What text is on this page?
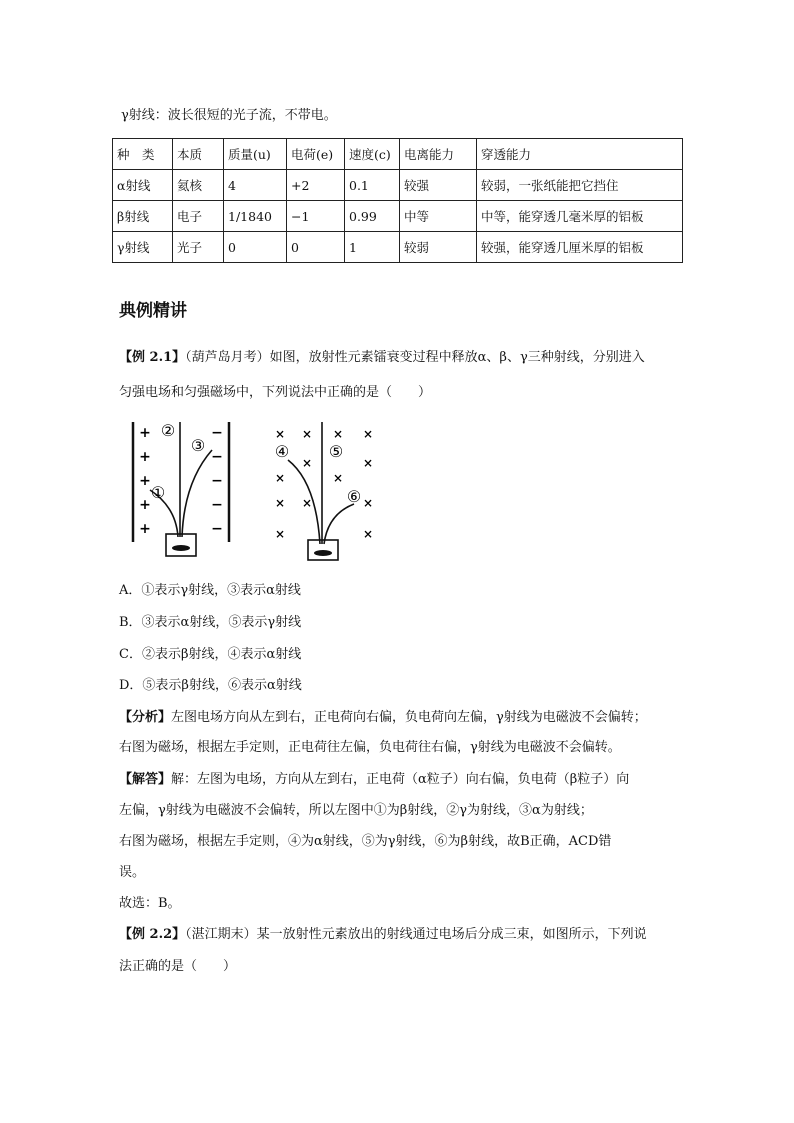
γ射线：波长很短的光子流，不带电。
种　类	本质	质量(u)	电荷(e)	速度(c)	电离能力	穿透能力
α射线	氦核	4	+2	0.1	较强	较弱，一张纸能把它挡住
β射线	电子	1/1840	−1	0.99	中等	中等，能穿透几毫米厚的铝板
γ射线	光子	0	0	1	较弱	较强，能穿透几厘米厚的铝板
典例精讲
【例 2.1】（葫芦岛月考）如图，放射性元素镭衰变过程中释放α、β、γ三种射线，分别进入
匀强电场和匀强磁场中，下列说法中正确的是（　　）
+
+
+
+
+
−
−
−
−
−
①
②
③
× × × ×
×	×
×	×
× ×	×
×	×
④ ⑤
⑥
A．①表示γ射线，③表示α射线
B．③表示α射线，⑤表示γ射线
C．②表示β射线，④表示α射线
D．⑤表示β射线，⑥表示α射线
【分析】左图电场方向从左到右，正电荷向右偏，负电荷向左偏，γ射线为电磁波不会偏转；
右图为磁场，根据左手定则，正电荷往左偏，负电荷往右偏，γ射线为电磁波不会偏转。
【解答】解：左图为电场，方向从左到右，正电荷（α粒子）向右偏，负电荷（β粒子）向
左偏，γ射线为电磁波不会偏转，所以左图中①为β射线，②γ为射线，③α为射线；
右图为磁场，根据左手定则，④为α射线，⑤为γ射线，⑥为β射线，故B正确，ACD错
误。
故选：B。
【例 2.2】（湛江期末）某一放射性元素放出的射线通过电场后分成三束，如图所示，下列说
法正确的是（　　）
